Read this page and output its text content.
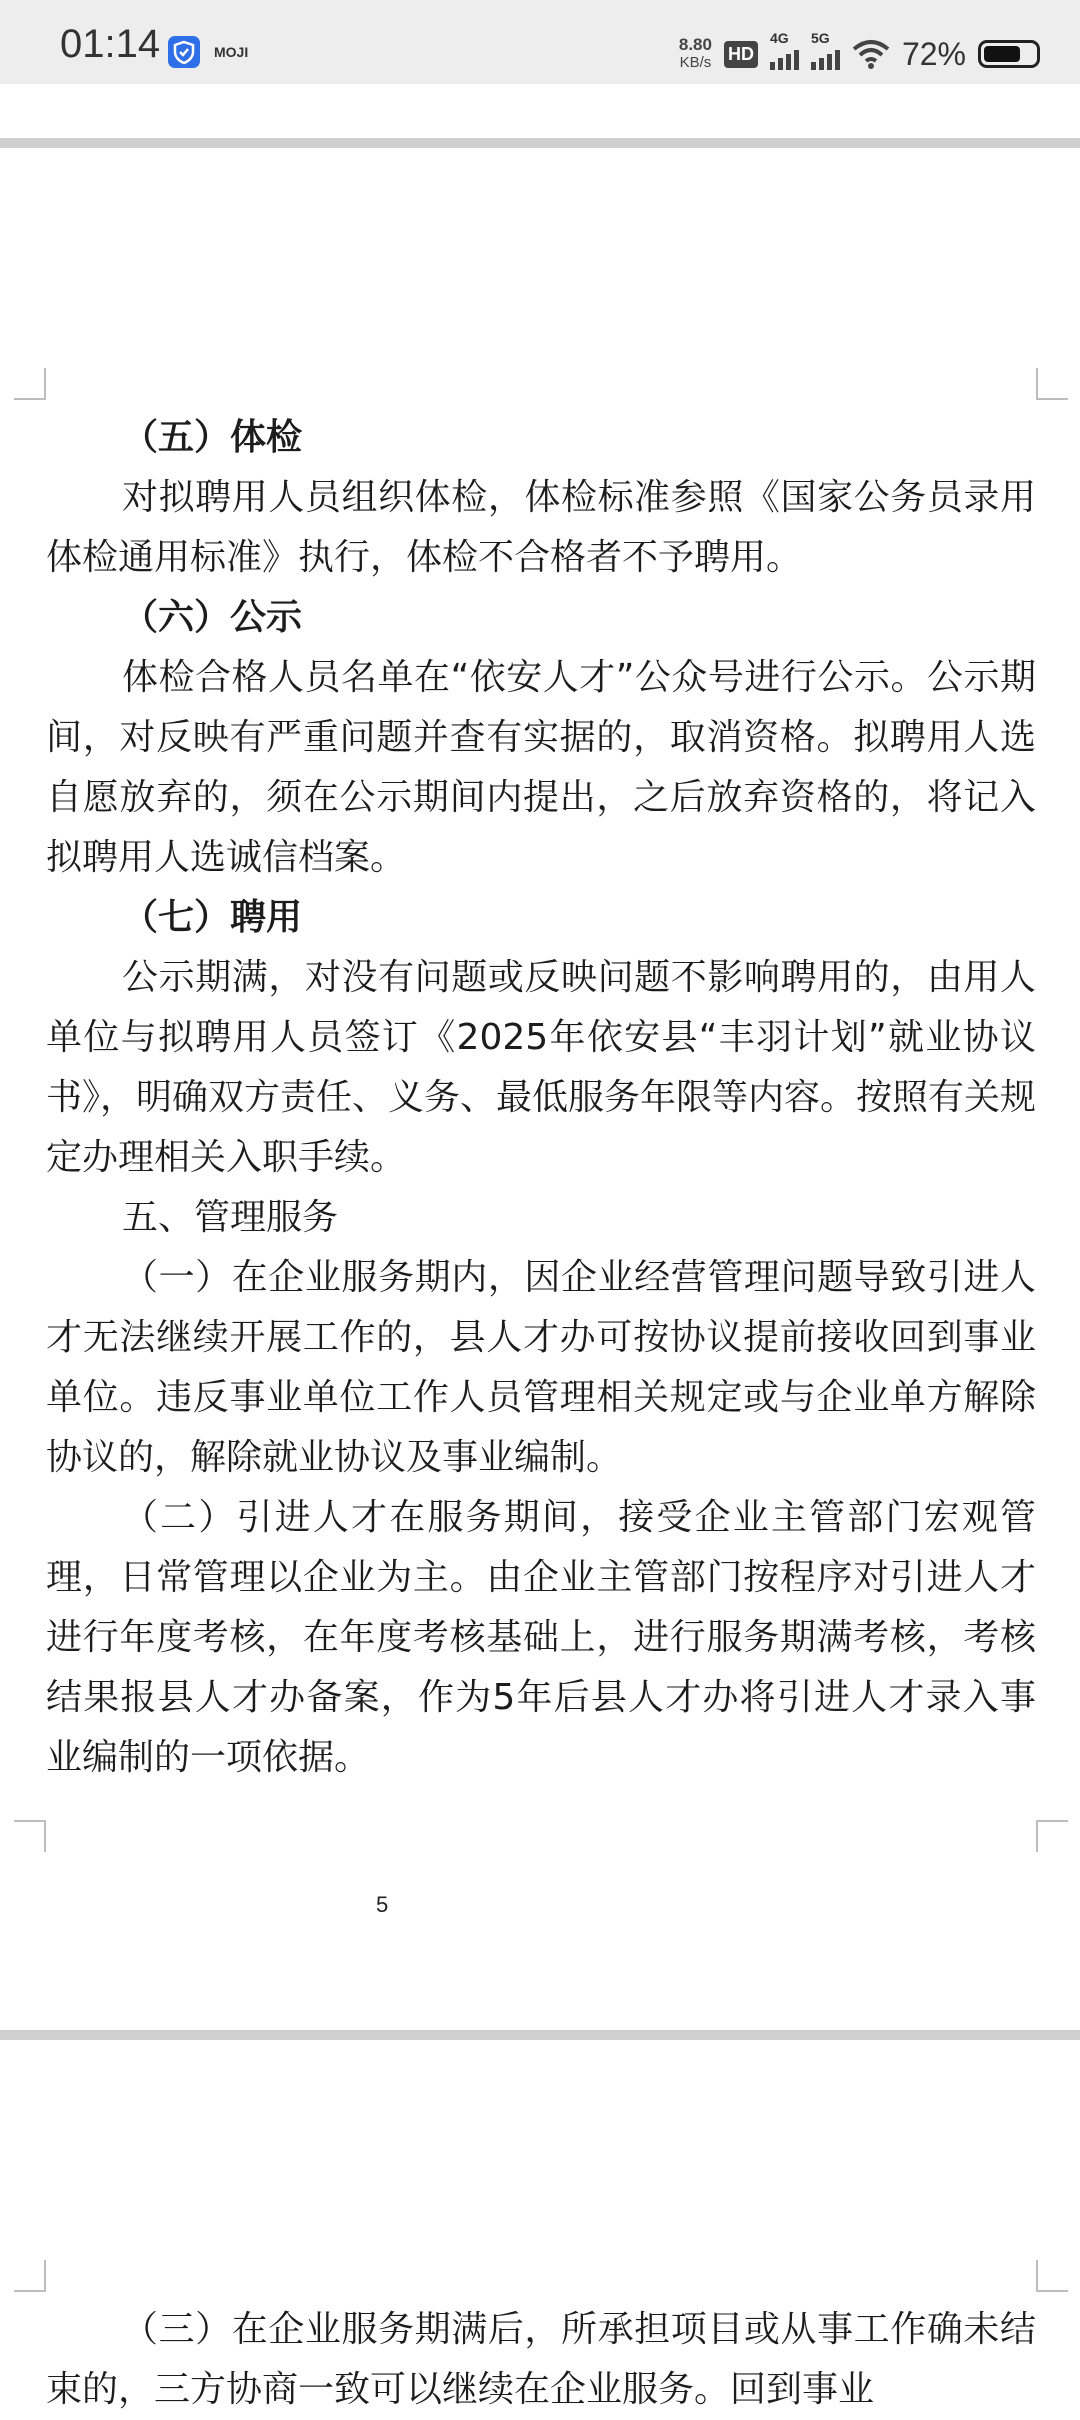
01:14	MOJI	8.80
KB/s HD
4G 5G 72%

（五）体检

对拟聘用人员组织体检，体检标准参照《国家公务员录用体检通用标准》执行，体检不合格者不予聘用。

（六）公示

体检合格人员名单在“依安人才”公众号进行公示。公示期间，对反映有严重问题并查有实据的，取消资格。拟聘用人选自愿放弃的，须在公示期间内提出，之后放弃资格的，将记入拟聘用人选诚信档案。

（七）聘用

公示期满，对没有问题或反映问题不影响聘用的，由用人单位与拟聘用人员签订《2025年依安县“丰羽计划”就业协议书》，明确双方责任、义务、最低服务年限等内容。按照有关规定办理相关入职手续。

五、管理服务

（一）在企业服务期内，因企业经营管理问题导致引进人才无法继续开展工作的，县人才办可按协议提前接收回到事业单位。违反事业单位工作人员管理相关规定或与企业单方解除协议的，解除就业协议及事业编制。

（二）引进人才在服务期间，接受企业主管部门宏观管理，日常管理以企业为主。由企业主管部门按程序对引进人才进行年度考核，在年度考核基础上，进行服务期满考核，考核结果报县人才办备案，作为5年后县人才办将引进人才录入事业编制的一项依据。

5

（三）在企业服务期满后，所承担项目或从事工作确未结束的，三方协商一致可以继续在企业服务。回到事业
